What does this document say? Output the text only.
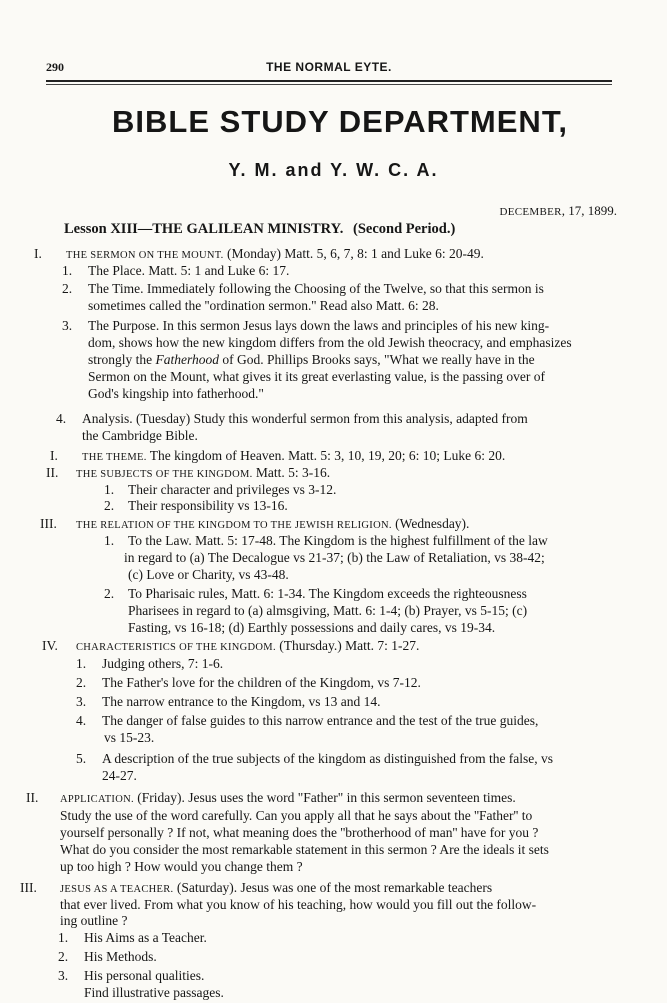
290	THE NORMAL EYTE.
BIBLE STUDY DEPARTMENT,
Y. M. and Y. W. C. A.
DECEMBER, 17, 1899.
Lesson XIII—THE GALILEAN MINISTRY. (Second Period.)
I. THE SERMON ON THE MOUNT. (Monday) Matt. 5, 6, 7, 8: 1 and Luke 6: 20-49.
1. The Place. Matt. 5: 1 and Luke 6: 17.
2. The Time. Immediately following the Choosing of the Twelve, so that this sermon is
sometimes called the ''ordination sermon.'' Read also Matt. 6: 28.
3. The Purpose. In this sermon Jesus lays down the laws and principles of his new king-
dom, shows how the new kingdom differs from the old Jewish theocracy, and emphasizes
strongly the Fatherhood of God. Phillips Brooks says, "What we really have in the
Sermon on the Mount, what gives it its great everlasting value, is the passing over of
God's kingship into fatherhood."
4. Analysis. (Tuesday) Study this wonderful sermon from this analysis, adapted from
the Cambridge Bible.
I. THE THEME. The kingdom of Heaven. Matt. 5: 3, 10, 19, 20; 6: 10; Luke 6: 20.
II. THE SUBJECTS OF THE KINGDOM. Matt. 5: 3-16.
1. Their character and privileges vs 3-12.
2. Their responsibility vs 13-16.
III. THE RELATION OF THE KINGDOM TO THE JEWISH RELIGION. (Wednesday).
1. To the Law. Matt. 5: 17-48. The Kingdom is the highest fulfillment of the law
in regard to (a) The Decalogue vs 21-37; (b) the Law of Retaliation, vs 38-42;
(c) Love or Charity, vs 43-48.
2. To Pharisaic rules, Matt. 6: 1-34. The Kingdom exceeds the righteousness
Pharisees in regard to (a) almsgiving, Matt. 6: 1-4; (b) Prayer, vs 5-15; (c)
Fasting, vs 16-18; (d) Earthly possessions and daily cares, vs 19-34.
IV. CHARACTERISTICS OF THE KINGDOM. (Thursday.) Matt. 7: 1-27.
1. Judging others, 7: 1-6.
2. The Father's love for the children of the Kingdom, vs 7-12.
3. The narrow entrance to the Kingdom, vs 13 and 14.
4. The danger of false guides to this narrow entrance and the test of the true guides,
vs 15-23.
5. A description of the true subjects of the kingdom as distinguished from the false, vs
24-27.
II. APPLICATION. (Friday). Jesus uses the word "Father" in this sermon seventeen times.
Study the use of the word carefully. Can you apply all that he says about the ''Father'' to
yourself personally ? If not, what meaning does the ''brotherhood of man'' have for you ?
What do you consider the most remarkable statement in this sermon ? Are the ideals it sets
up too high ? How would you change them ?
III. JESUS AS A TEACHER. (Saturday). Jesus was one of the most remarkable teachers
that ever lived. From what you know of his teaching, how would you fill out the follow-
ing outline ?
1. His Aims as a Teacher.
2. His Methods.
3. His personal qualities.
Find illustrative passages.
